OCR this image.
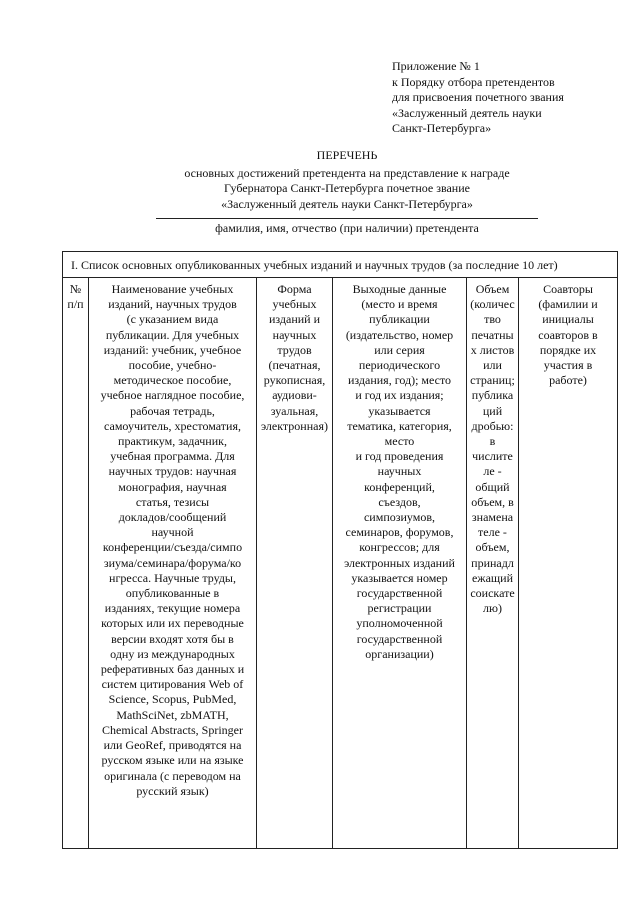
Приложение № 1
к Порядку отбора претендентов
для присвоения почетного звания
«Заслуженный деятель науки
Санкт-Петербурга»
ПЕРЕЧЕНЬ
основных достижений претендента на представление к награде
Губернатора Санкт-Петербурга почетное звание
«Заслуженный деятель науки Санкт-Петербурга»
фамилия, имя, отчество (при наличии) претендента
I. Список основных опубликованных учебных изданий и научных трудов (за последние 10 лет)
№
п/п
Наименование учебных
изданий, научных трудов
(с указанием вида
публикации. Для учебных
изданий: учебник, учебное
пособие, учебно-
методическое пособие,
учебное наглядное пособие,
рабочая тетрадь,
самоучитель, хрестоматия,
практикум, задачник,
учебная программа. Для
научных трудов: научная
монография, научная
статья, тезисы
докладов/сообщений
научной
конференции/съезда/симпо
зиума/семинара/форума/ко
нгресса. Научные труды,
опубликованные в
изданиях, текущие номера
которых или их переводные
версии входят хотя бы в
одну из международных
реферативных баз данных и
систем цитирования Web of
Science, Scopus, PubMed,
MathSciNet, zbMATH,
Chemical Abstracts, Springer
или GeoRef, приводятся на
русском языке или на языке
оригинала (с переводом на
русский язык)
Форма
учебных
изданий и
научных
трудов
(печатная,
рукописная,
аудиови-
зуальная,
электронная)
Выходные данные
(место и время
публикации
(издательство, номер
или серия
периодического
издания, год); место
и год их издания;
указывается
тематика, категория,
место
и год проведения
научных
конференций,
съездов,
симпозиумов,
семинаров, форумов,
конгрессов; для
электронных изданий
указывается номер
государственной
регистрации
уполномоченной
государственной
организации)
Объем
(количес
тво
печатны
х листов
или
страниц;
публика
ций
дробью:
в
числите
ле -
общий
объем, в
знамена
теле -
объем,
принадл
ежащий
соискате
лю)
Соавторы
(фамилии и
инициалы
соавторов в
порядке их
участия в
работе)
